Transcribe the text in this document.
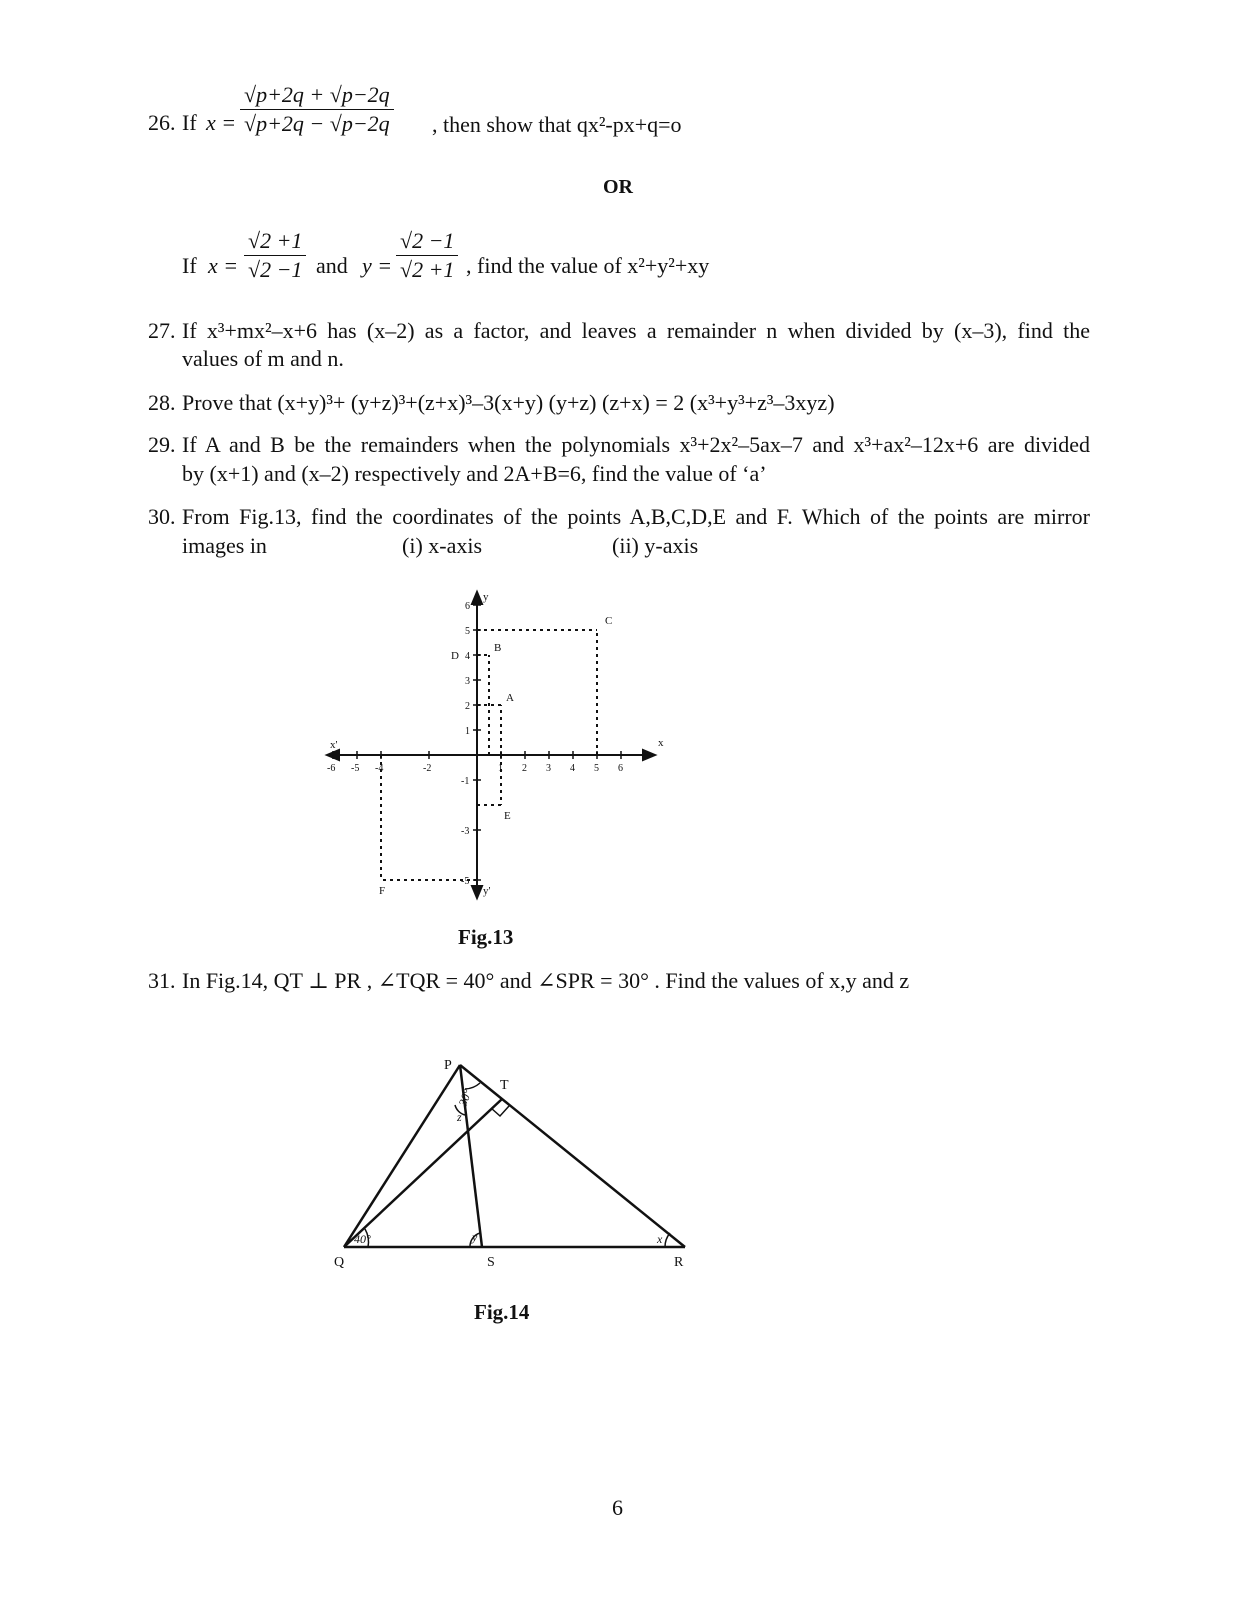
26. If x =
√p+2q + √p−2q
√p+2q − √p−2q , then show that qx²-px+q=o
OR
If x =
√2 +1
√2 −1 and y =
√2 −1
√2 +1 , find the value of x²+y²+xy
27. If x³+mx²–x+6 has (x–2) as a factor, and leaves a remainder n when divided by (x–3), find the
values of m and n.
28. Prove that (x+y)³+ (y+z)³+(z+x)³–3(x+y) (y+z) (z+x) = 2 (x³+y³+z³–3xyz)
29. If A and B be the remainders when the polynomials x³+2x²–5ax–7 and x³+ax²–12x+6 are divided
by (x+1) and (x–2) respectively and 2A+B=6, find the value of ‘a’
30. From Fig.13, find the coordinates of the points A,B,C,D,E and F. Which of the points are mirror
images in	(i) x-axis	(ii) y-axis
x
x'
y
y'
1 2 3 4 5 6
-6 -5 -4	-2
1
2
3
4
5
6
-1
-3
-5
A
B
C
D
E
F
Fig.13
31. In Fig.14, QT ⊥ PR , ∠TQR = 40° and ∠SPR = 30° . Find the values of x,y and z
P
Q	R
S
T
40°
30°
y	x
z
Fig.14
6
